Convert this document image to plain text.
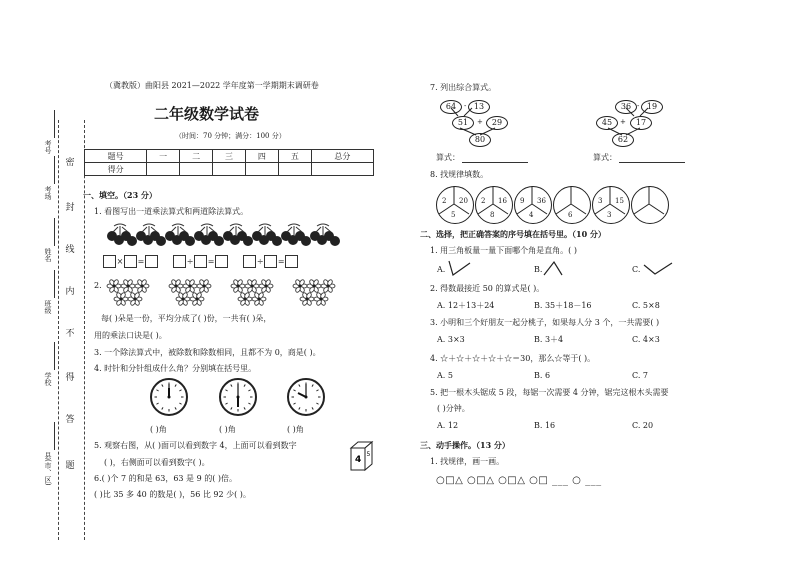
密
封
线
内
不
得
答
题
考号
考场
姓名
班级
学校
县(市、区)
（冀教版）曲阳县 2021—2022 学年度第一学期期末调研卷
二年级数学试卷
（时间：70 分钟；满分：100 分）
题号	一	二	三	四	五	总分
得分						
一、填空。（23 分）
1. 看图写出一道乘法算式和两道除法算式。
× =	÷ =	÷ =
2.
每( )朵是一份，平均分成了( )份，一共有( )朵，
用的乘法口诀是( )。
3. 一个除法算式中，被除数和除数相同，且都不为 0，商是( )。
4. 时针和分针组成什么角？分别填在括号里。
( )角	( )角	( )角
5. 观察右图，从( )面可以看到数字 4，上面可以看到数字
( )，右侧面可以看到数字( )。	4
5
6.( )个 7 的和是 63，63 是 9 的( )倍。
( )比 35 多 40 的数是( )，56 比 92 少( )。
7. 列出综合算式。
64	- 13
51	+	29
80
36 - 19
45	+	17
62
算式：	算式：
8. 找规律填数。
2 20
5
2 16
8
9 36
4	6
3 15
3
二、选择，把正确答案的序号填在括号里。（10 分）
1. 用三角板量一量下面哪个角是直角。( )
A.	B.	C.
2. 得数最接近 50 的算式是( )。
A. 12＋13＋24	B. 35＋18－16	C. 5×8
3. 小明和三个好朋友一起分桃子，如果每人分 3 个，一共需要( )
A. 3×3	B. 3＋4	C. 4×3
4. ☆＋☆＋☆＋☆＋☆＝30，那么☆等于( )。
A. 5	B. 6	C. 7
5. 把一根木头锯成 5 段，每锯一次需要 4 分钟，锯完这根木头需要
( )分钟。
A. 12	B. 16	C. 20
三、动手操作。（13 分）
1. 找规律，画一画。
○□△ ○□△ ○□△ ○□ ___ ○ ___
